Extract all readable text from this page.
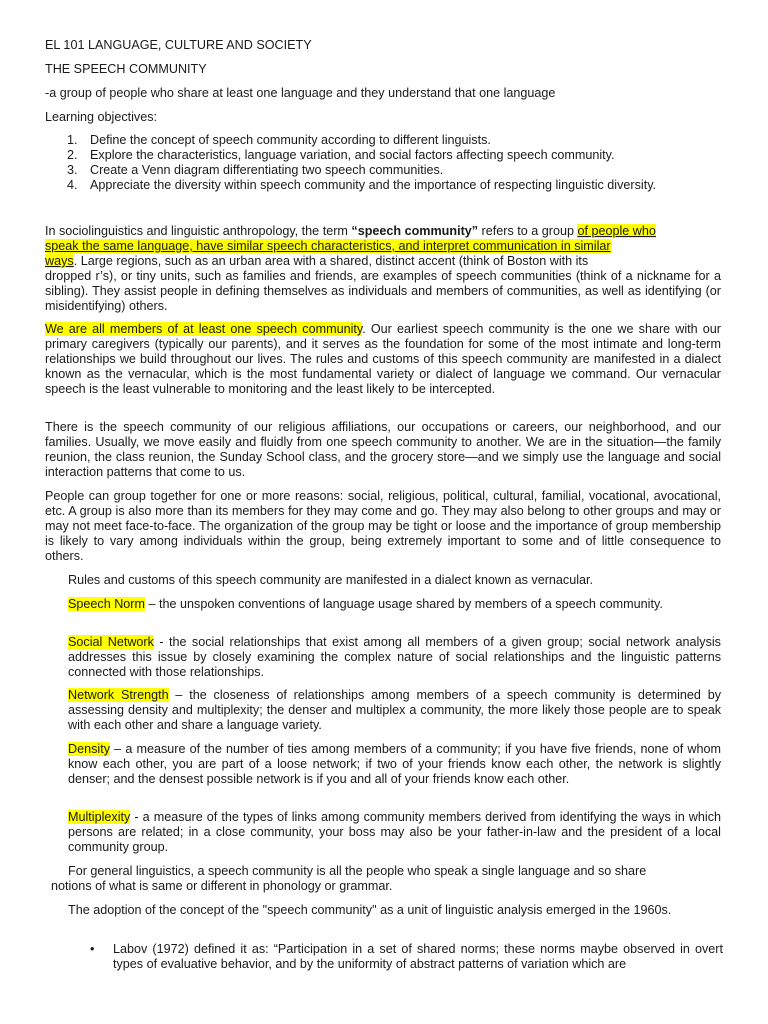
EL 101 LANGUAGE, CULTURE AND SOCIETY
THE SPEECH COMMUNITY
-a group of people who share at least one language and they understand that one language
Learning objectives:
1. Define the concept of speech community according to different linguists.
2. Explore the characteristics, language variation, and social factors affecting speech community.
3. Create a Venn diagram differentiating two speech communities.
4. Appreciate the diversity within speech community and the importance of respecting linguistic diversity.
In sociolinguistics and linguistic anthropology, the term “speech community” refers to a group of people who
speak the same language, have similar speech characteristics, and interpret communication in similar
ways. Large regions, such as an urban area with a shared, distinct accent (think of Boston with its
dropped r’s), or tiny units, such as families and friends, are examples of speech communities (think of a nickname for a sibling). They assist people in defining themselves as individuals and members of communities, as well as identifying (or misidentifying) others.
We are all members of at least one speech community. Our earliest speech community is the one we share with our primary caregivers (typically our parents), and it serves as the foundation for some of the most intimate and long-term relationships we build throughout our lives. The rules and customs of this speech community are manifested in a dialect known as the vernacular, which is the most fundamental variety or dialect of language we command. Our vernacular speech is the least vulnerable to monitoring and the least likely to be intercepted.
There is the speech community of our religious affiliations, our occupations or careers, our neighborhood, and our families. Usually, we move easily and fluidly from one speech community to another. We are in the situation—the family reunion, the class reunion, the Sunday School class, and the grocery store—and we simply use the language and social interaction patterns that come to us.
People can group together for one or more reasons: social, religious, political, cultural, familial, vocational, avocational, etc. A group is also more than its members for they may come and go. They may also belong to other groups and may or may not meet face-to-face. The organization of the group may be tight or loose and the importance of group membership is likely to vary among individuals within the group, being extremely important to some and of little consequence to others.
Rules and customs of this speech community are manifested in a dialect known as vernacular.
Speech Norm – the unspoken conventions of language usage shared by members of a speech community.
Social Network - the social relationships that exist among all members of a given group; social network analysis addresses this issue by closely examining the complex nature of social relationships and the linguistic patterns connected with those relationships.
Network Strength – the closeness of relationships among members of a speech community is determined by assessing density and multiplexity; the denser and multiplex a community, the more likely those people are to speak with each other and share a language variety.
Density – a measure of the number of ties among members of a community; if you have five friends, none of whom know each other, you are part of a loose network; if two of your friends know each other, the network is slightly denser; and the densest possible network is if you and all of your friends know each other.
Multiplexity - a measure of the types of links among community members derived from identifying the ways in which persons are related; in a close community, your boss may also be your father-in-law and the president of a local community group.
For general linguistics, a speech community is all the people who speak a single language and so share
notions of what is same or different in phonology or grammar.
The adoption of the concept of the "speech community" as a unit of linguistic analysis emerged in the 1960s.
• Labov (1972) defined it as: “Participation in a set of shared norms; these norms maybe observed in overt types of evaluative behavior, and by the uniformity of abstract patterns of variation which are
